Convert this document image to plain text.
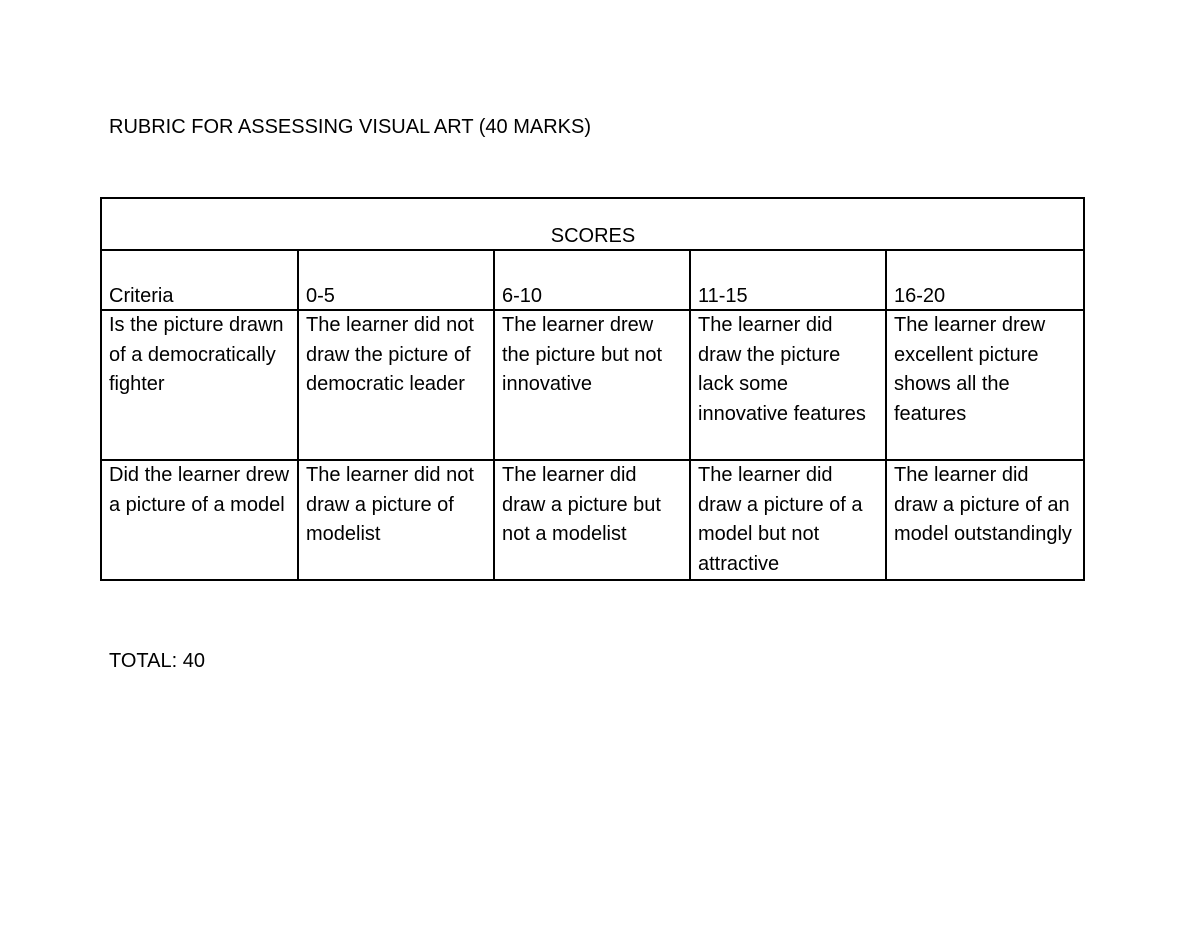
RUBRIC FOR ASSESSING VISUAL ART (40 MARKS)
SCORES				
Criteria	0-5	6-10	11-15	16-20
Is the picture drawn of a democratically fighter	The learner did not draw the picture of democratic leader	The learner drew the picture but not innovative	The learner did draw the picture lack some innovative features	The learner drew excellent picture shows all the features
Did the learner drew a picture of a model	The learner did not draw a picture of modelist	The learner did draw a picture but not a modelist	The learner did draw a picture of a model but not attractive	The learner did draw a picture of an model outstandingly
TOTAL: 40
